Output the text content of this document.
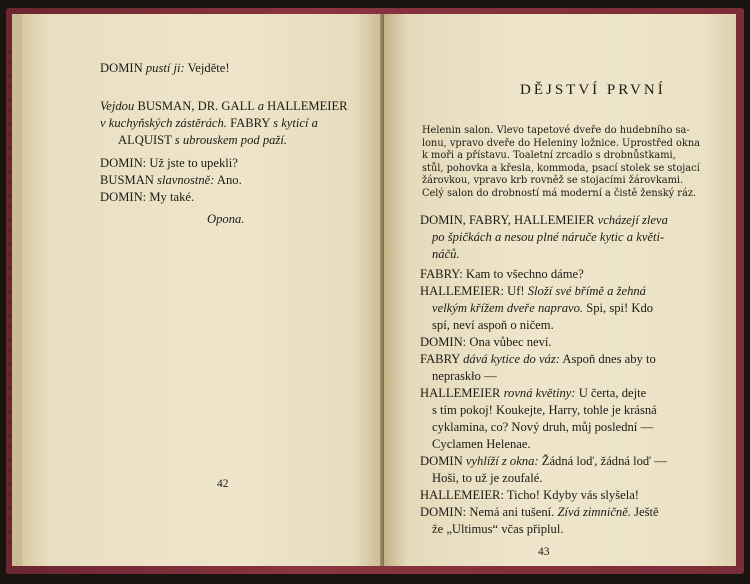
DOMIN pustí ji: Vejděte!
Vejdou BUSMAN, DR. GALL a HALLEMEIER
v kuchyňských zástěrách. FABRY s kyticí a
ALQUIST s ubrouskem pod paží.
DOMIN: Už jste to upekli?
BUSMAN slavnostně: Ano.
DOMIN: My také.
Opona.
42
DĚJSTVÍ PRVNÍ
Helenin salon. Vlevo tapetové dveře do hudebního sa-
lonu, vpravo dveře do Heleniny ložnice. Uprostřed okna
k moři a přístavu. Toaletní zrcadlo s drobnůstkami,
stůl, pohovka a křesla, kommoda, psací stolek se stojací
žárovkou, vpravo krb rovněž se stojacími žárovkami.
Celý salon do drobností má moderní a čistě ženský ráz.
DOMIN, FABRY, HALLEMEIER vcházejí zleva
po špičkách a nesou plné náruče kytic a květi-
náčů.
FABRY: Kam to všechno dáme?
HALLEMEIER: Uf! Složí své břímě a žehná
velkým křížem dveře napravo. Spi, spi! Kdo
spí, neví aspoň o ničem.
DOMIN: Ona vůbec neví.
FABRY dává kytice do váz: Aspoň dnes aby to
nepraskło —
HALLEMEIER rovná květiny: U čerta, dejte
s tím pokoj! Koukejte, Harry, tohle je krásná
cyklamina, co? Nový druh, můj poslední —
Cyclamen Helenae.
DOMIN vyhlíží z okna: Žádná loď, žádná loď —
Hoši, to už je zoufalé.
HALLEMEIER: Ticho! Kdyby vás slyšela!
DOMIN: Nemá ani tušení. Zívá zimničně. Ještě
že „Ultimus“ včas připlul.
43
